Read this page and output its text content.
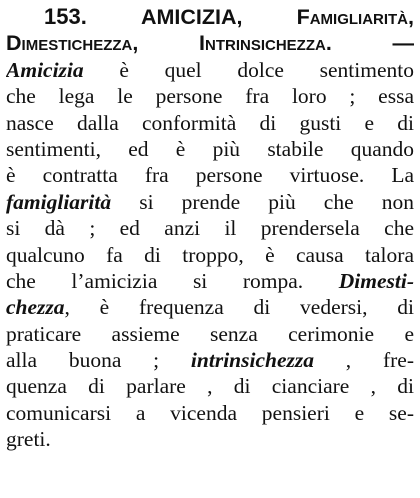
153. AMICIZIA, Famigliarità,
Dimestichezza, Intrinsichezza. —
Amicizia è quel dolce sentimento
che lega le persone fra loro ; essa
nasce dalla conformità di gusti e di
sentimenti, ed è più stabile quando
è contratta fra persone virtuose. La
famigliarità si prende più che non
si dà ; ed anzi il prendersela che
qualcuno fa di troppo, è causa talora
che l’amicizia si rompa. Dimesti-
chezza, è frequenza di vedersi, di
praticare assieme senza cerimonie e
alla buona ; intrinsichezza , fre-
quenza di parlare , di cianciare , di
comunicarsi a vicenda pensieri e se-
greti.
